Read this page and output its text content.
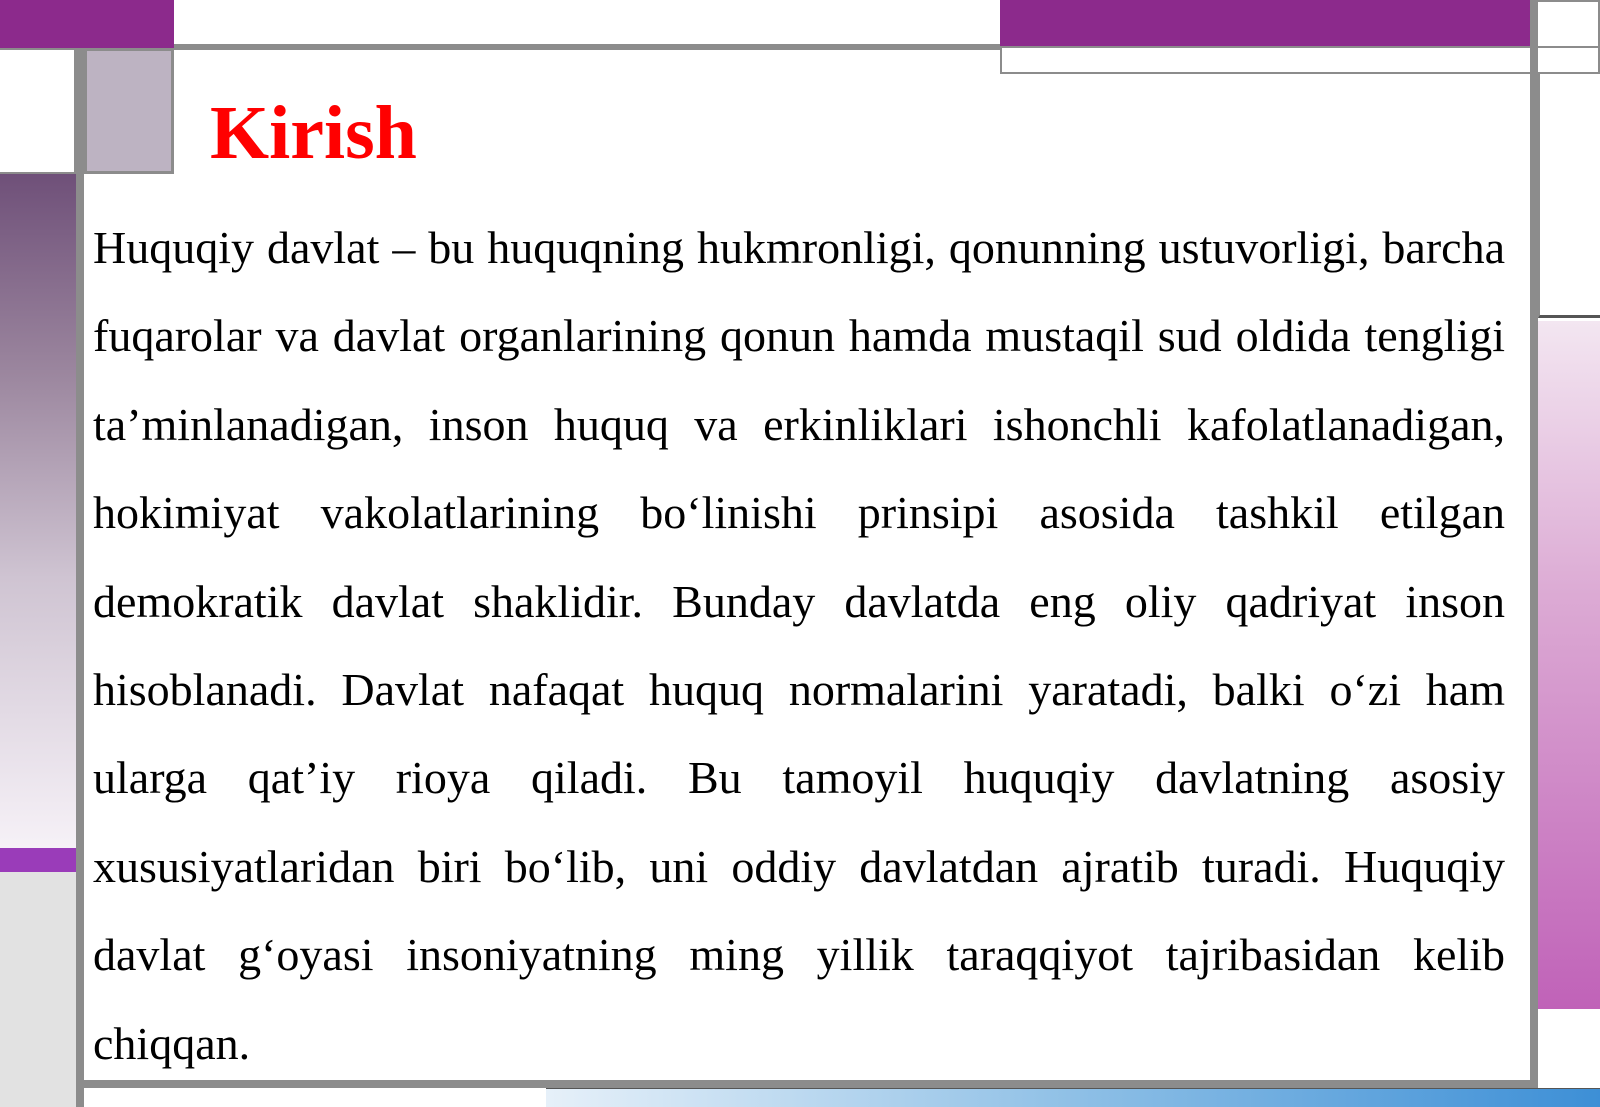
Kirish

Huquqiy davlat – bu huquqning hukmronligi, qonunning ustuvorligi, barcha fuqarolar va davlat organlarining qonun hamda mustaqil sud oldida tengligi ta’minlanadigan, inson huquq va erkinliklari ishonchli kafolatlanadigan, hokimiyat vakolatlarining bo‘linishi prinsipi asosida tashkil etilgan demokratik davlat shaklidir. Bunday davlatda eng oliy qadriyat inson hisoblanadi. Davlat nafaqat huquq normalarini yaratadi, balki o‘zi ham ularga qat’iy rioya qiladi. Bu tamoyil huquqiy davlatning asosiy xususiyatlaridan biri bo‘lib, uni oddiy davlatdan ajratib turadi. Huquqiy davlat g‘oyasi insoniyatning ming yillik taraqqiyot tajribasidan kelib chiqqan.
